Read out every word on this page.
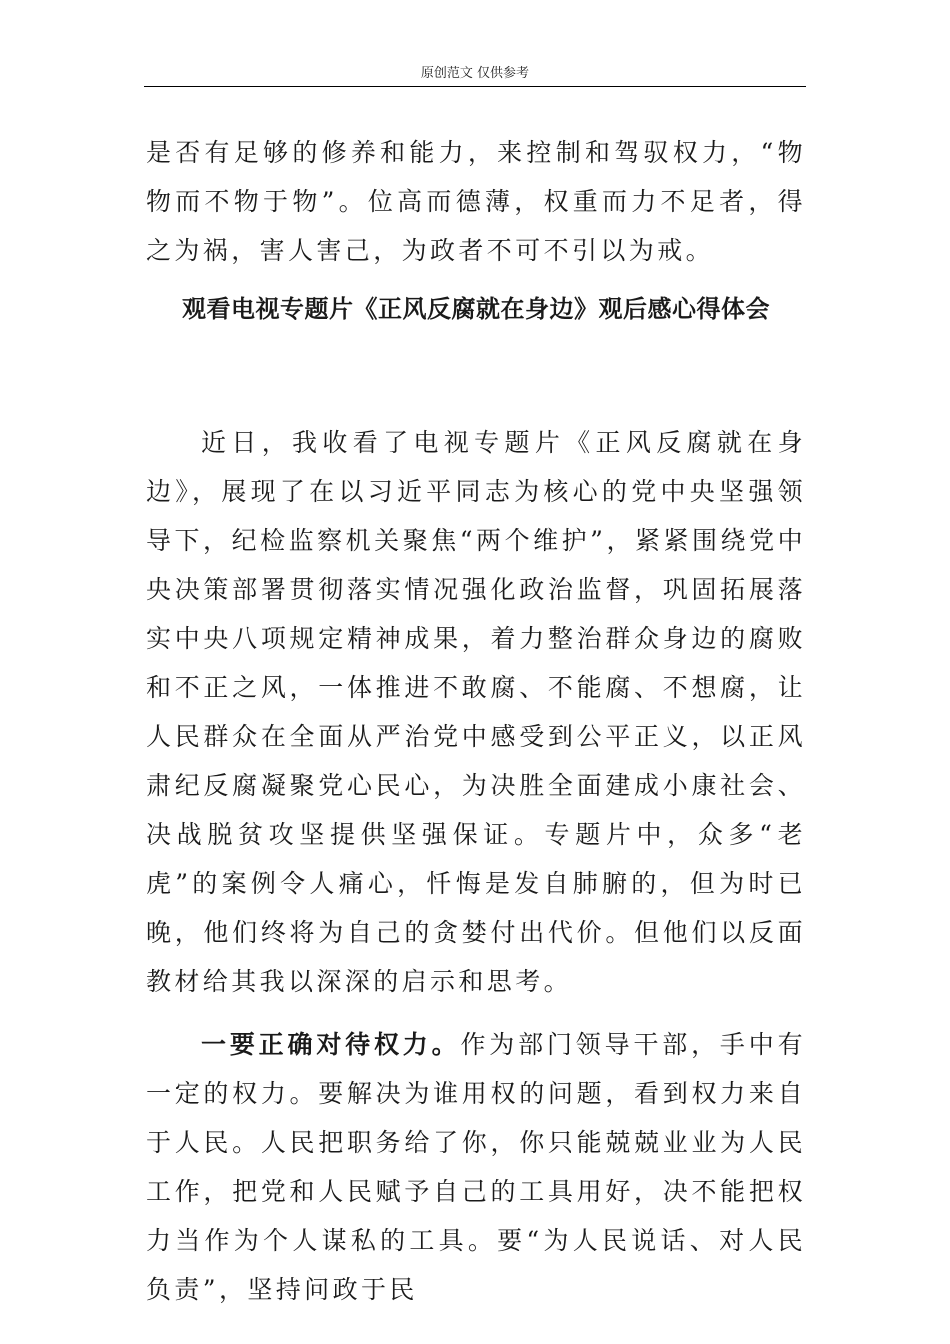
原创范文 仅供参考

是否有足够的修养和能力，来控制和驾驭权力，“物物而不物于物”。位高而德薄，权重而力不足者，得之为祸，害人害己，为政者不可不引以为戒。

观看电视专题片《正风反腐就在身边》观后感心得体会

近日，我收看了电视专题片《正风反腐就在身边》，展现了在以习近平同志为核心的党中央坚强领导下，纪检监察机关聚焦“两个维护”，紧紧围绕党中央决策部署贯彻落实情况强化政治监督，巩固拓展落实中央八项规定精神成果，着力整治群众身边的腐败和不正之风，一体推进不敢腐、不能腐、不想腐，让人民群众在全面从严治党中感受到公平正义，以正风肃纪反腐凝聚党心民心，为决胜全面建成小康社会、决战脱贫攻坚提供坚强保证。专题片中，众多“老虎”的案例令人痛心，忏悔是发自肺腑的，但为时已晚，他们终将为自己的贪婪付出代价。但他们以反面教材给其我以深深的启示和思考。

一要正确对待权力。作为部门领导干部，手中有一定的权力。要解决为谁用权的问题，看到权力来自于人民。人民把职务给了你，你只能兢兢业业为人民工作，把党和人民赋予自己的工具用好，决不能把权力当作为个人谋私的工具。要“为人民说话、对人民负责”，坚持问政于民
